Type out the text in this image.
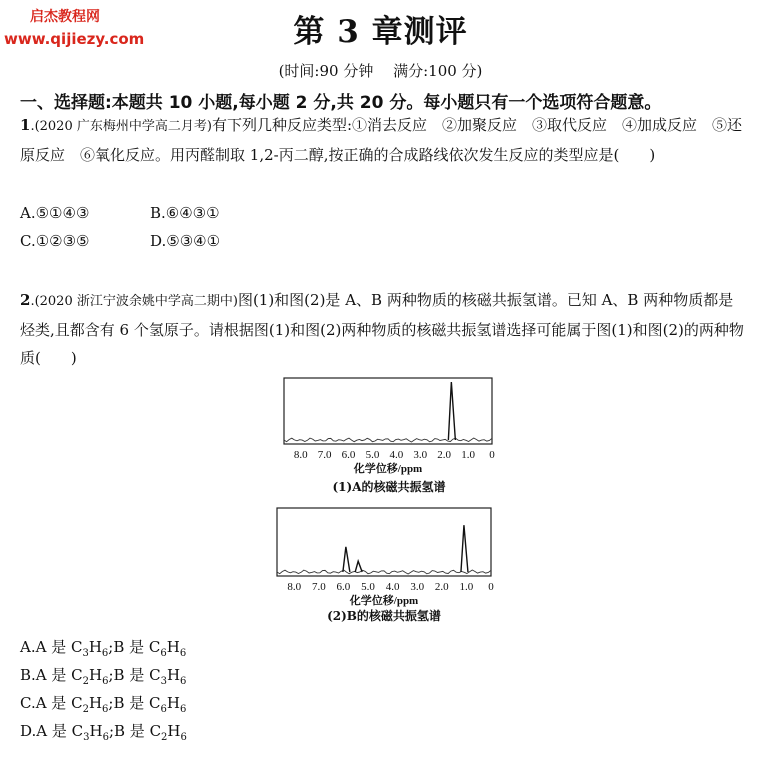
启杰教程网
www.qijiezy.com	第 3 章测评
(时间:90 分钟　 满分:100 分)
一、选择题:本题共 10 小题,每小题 2 分,共 20 分。每小题只有一个选项符合题意。
1.(2020 广东梅州中学高二月考)有下列几种反应类型:①消去反应　②加聚反应　③取代反应　④加成反应　⑤还原反应　⑥氧化反应。用丙醛制取 1,2-丙二醇,按正确的合成路线依次发生反应的类型应是(　　)
A.⑤①④③	B.⑥④③①
C.①②③⑤	D.⑤③④①
2.(2020 浙江宁波余姚中学高二期中)图(1)和图(2)是 A、B 两种物质的核磁共振氢谱。已知 A、B 两种物质都是烃类,且都含有 6 个氢原子。请根据图(1)和图(2)两种物质的核磁共振氢谱选择可能属于图(1)和图(2)的两种物质(　　)
8.0 7.0 6.0 5.0 4.0 3.0 2.0 1.0 0
化学位移/ppm
(1)A的核磁共振氢谱
8.0 7.0 6.0 5.0 4.0 3.0 2.0 1.0 0
化学位移/ppm
(2)B的核磁共振氢谱
A.A 是 $C_3H_6;B$ 是 $C_6H_6$
B.A 是 $C_2H_6;B$ 是 $C_3H_6$
C.A 是 $C_2H_6;B$ 是 $C_6H_6$
D.A 是 $C_3H_6;B$ 是 $C_2H_6$
